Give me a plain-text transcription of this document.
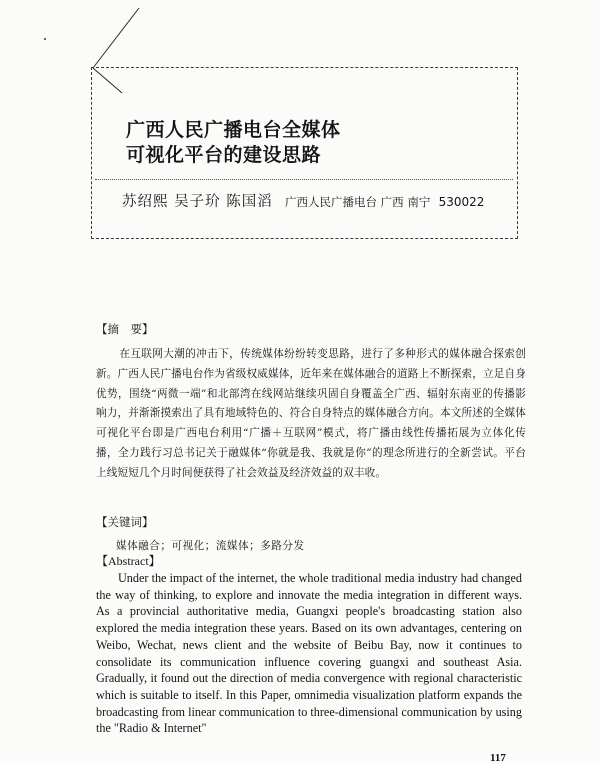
广西人民广播电台全媒体
可视化平台的建设思路
苏绍熙 吴子玠 陈国滔 广西人民广播电台 广西 南宁 530022
【摘　要】
在互联网大潮的冲击下，传统媒体纷纷转变思路，进行了多种形式的媒体融合探索创新。广西人民广播电台作为省级权威媒体，近年来在媒体融合的道路上不断探索，立足自身优势，围绕“两微一端”和北部湾在线网站继续巩固自身覆盖全广西、辐射东南亚的传播影响力，并渐渐摸索出了具有地域特色的、符合自身特点的媒体融合方向。本文所述的全媒体可视化平台即是广西电台利用“广播＋互联网”模式，将广播由线性传播拓展为立体化传播，全力践行习总书记关于融媒体“你就是我、我就是你”的理念所进行的全新尝试。平台上线短短几个月时间便获得了社会效益及经济效益的双丰收。
【关键词】
媒体融合；可视化；流媒体；多路分发
【Abstract】
Under the impact of the internet, the whole traditional media industry had changed the way of thinking, to explore and innovate the media integration in different ways. As a provincial authoritative media, Guangxi people's broadcasting station also explored the media integration these years. Based on its own advantages, centering on Weibo, Wechat, news client and the website of Beibu Bay, now it continues to consolidate its communication influence covering guangxi and southeast Asia. Gradually, it found out the direction of media convergence with regional characteristic which is suitable to itself. In this Paper, omnimedia visualization platform expands the broadcasting from linear communication to three-dimensional communication by using the "Radio & Internet"
117
